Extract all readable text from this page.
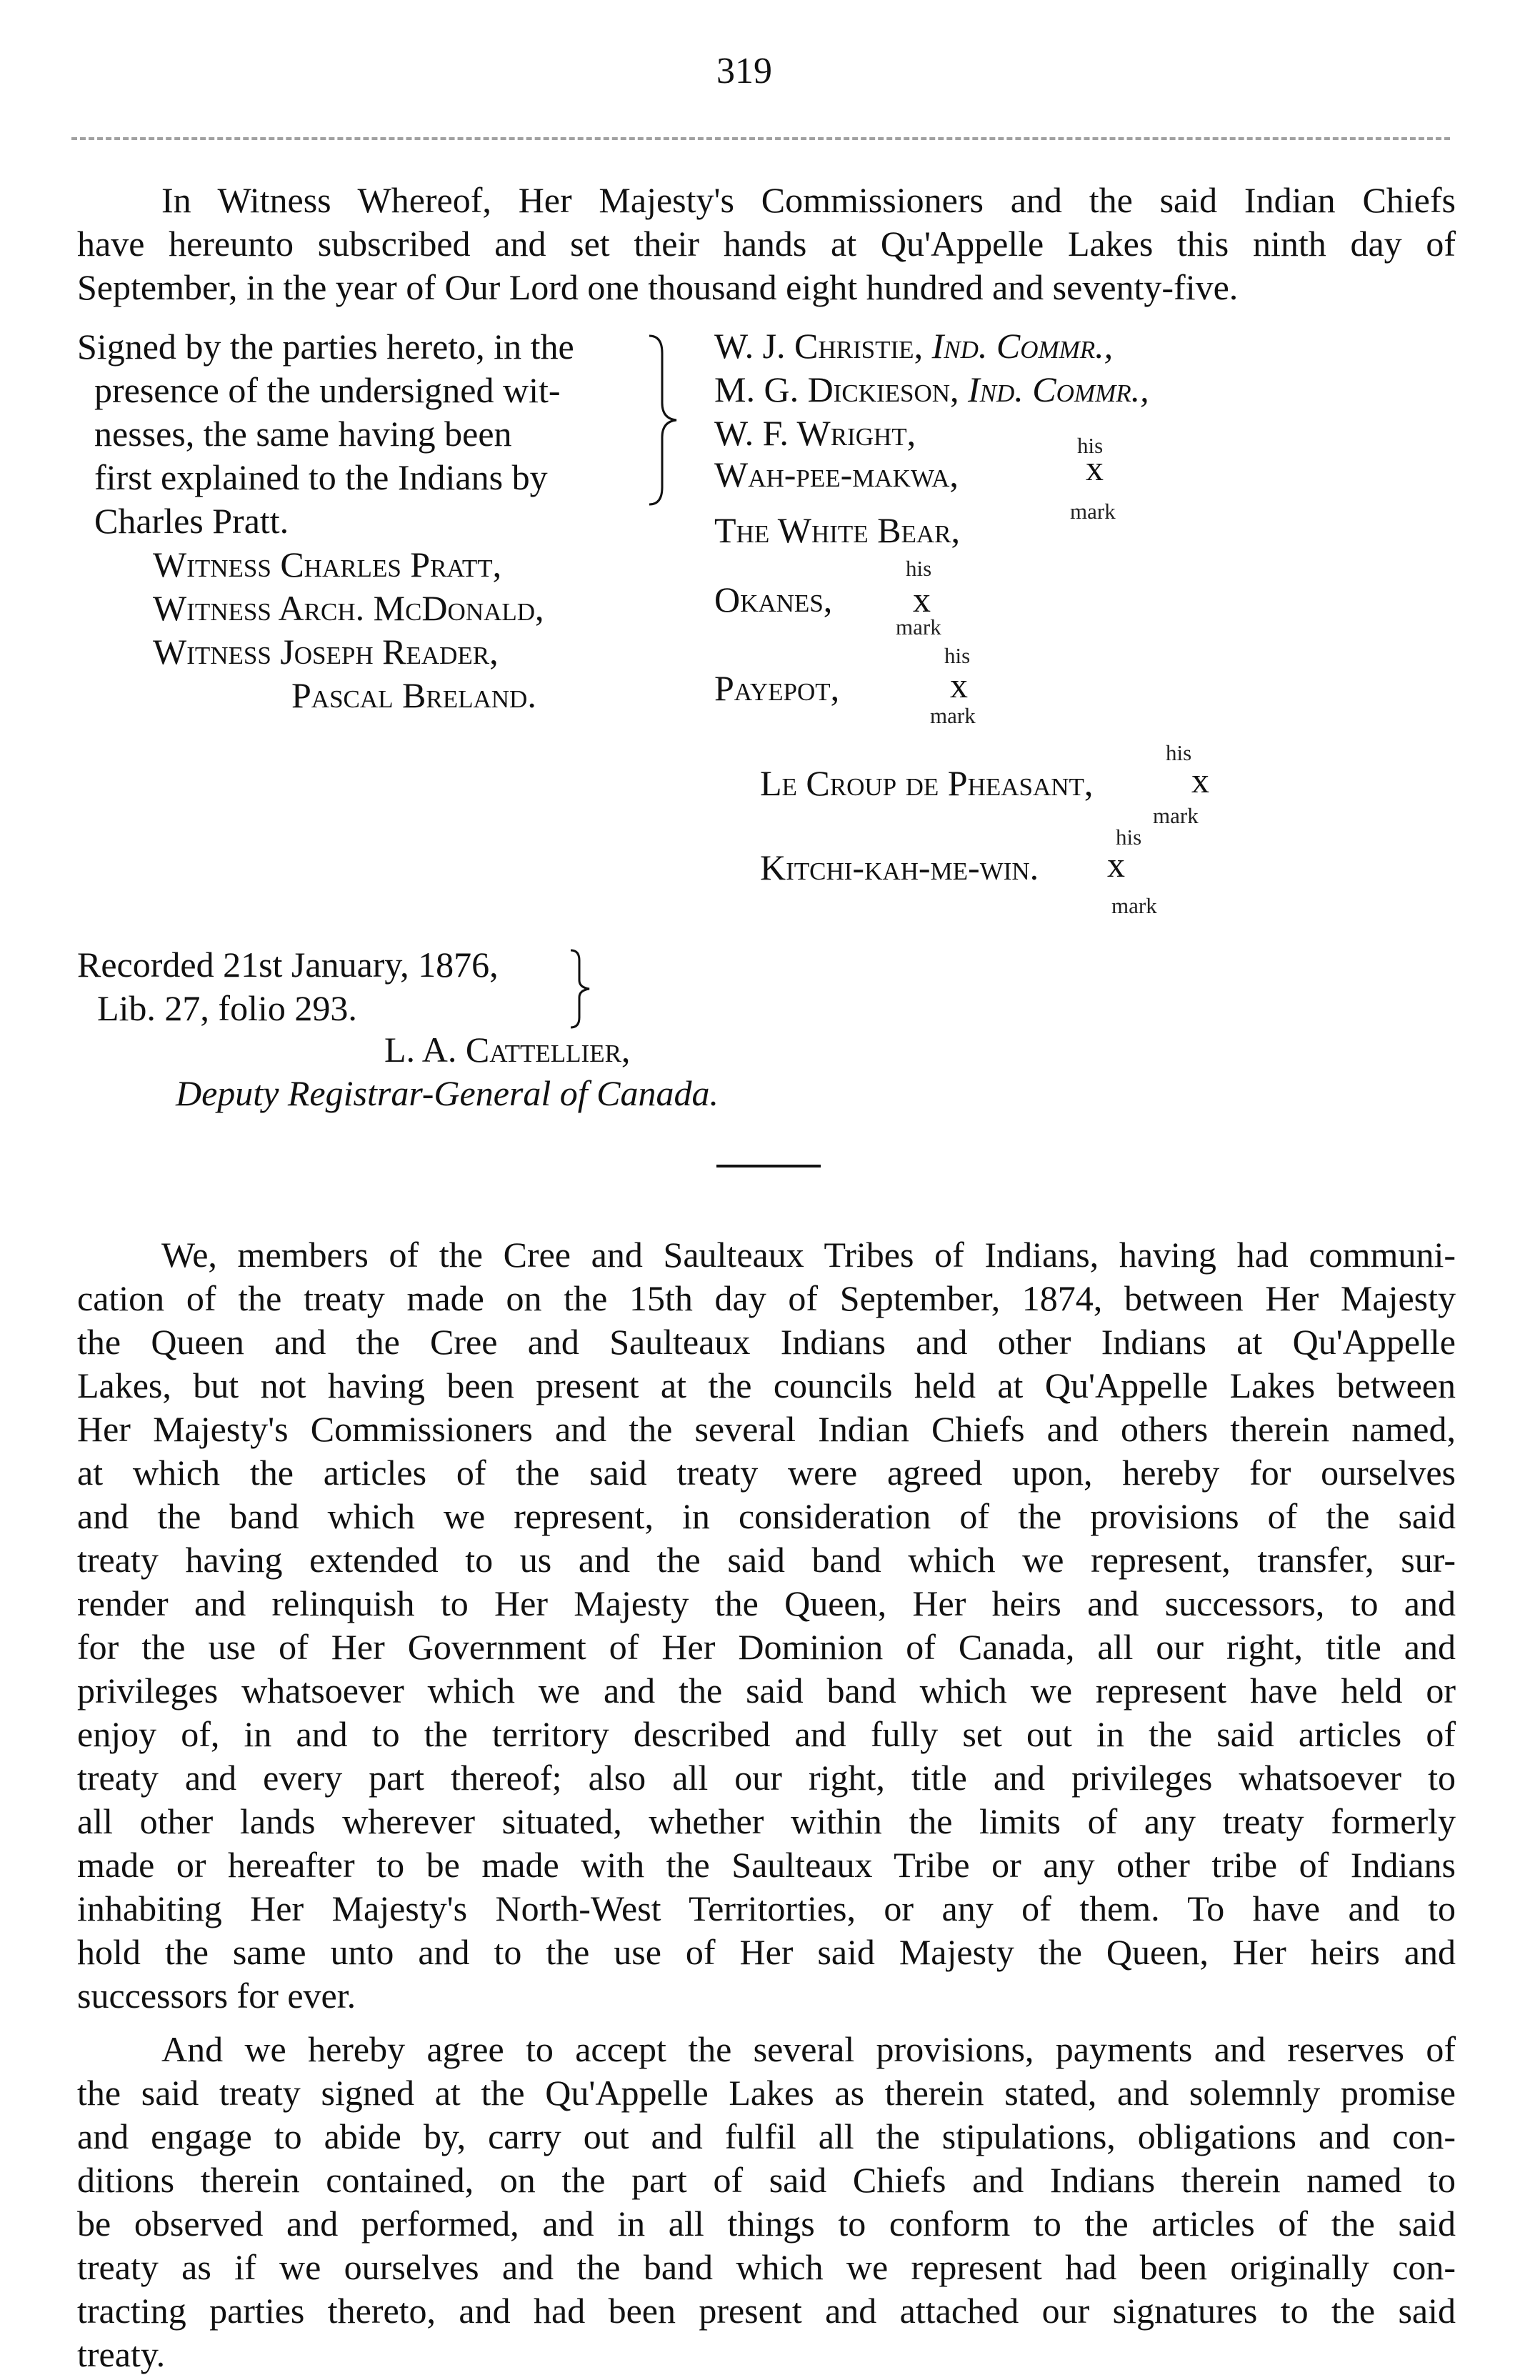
319
In Witness Whereof, Her Majesty's Commissioners and the said Indian Chiefs
have hereunto subscribed and set their hands at Qu'Appelle Lakes this ninth day of
September, in the year of Our Lord one thousand eight hundred and seventy-five.
Signed by the parties hereto, in the
presence of the undersigned wit-
nesses, the same having been
first explained to the Indians by
Charles Pratt.
Witness Charles Pratt,
Witness Arch. McDonald,
Witness Joseph Reader,
Pascal Breland.
W. J. Christie, Ind. Commr.,
M. G. Dickieson, Ind. Commr.,
W. F. Wright,	his
Wah-pee-makwa,	x
mark
The White Bear,
his
Okanes, x
mark
his
Payepot,	x
mark
his
Le Croup de Pheasant,	x
mark
his
Kitchi-kah-me-win. x
mark
Recorded 21st January, 1876,
Lib. 27, folio 293.
L. A. Cattellier,
Deputy Registrar-General of Canada.
We, members of the Cree and Saulteaux Tribes of Indians, having had communi-
cation of the treaty made on the 15th day of September, 1874, between Her Majesty
the Queen and the Cree and Saulteaux Indians and other Indians at Qu'Appelle
Lakes, but not having been present at the councils held at Qu'Appelle Lakes between
Her Majesty's Commissioners and the several Indian Chiefs and others therein named,
at which the articles of the said treaty were agreed upon, hereby for ourselves
and the band which we represent, in consideration of the provisions of the said
treaty having extended to us and the said band which we represent, transfer, sur-
render and relinquish to Her Majesty the Queen, Her heirs and successors, to and
for the use of Her Government of Her Dominion of Canada, all our right, title and
privileges whatsoever which we and the said band which we represent have held or
enjoy of, in and to the territory described and fully set out in the said articles of
treaty and every part thereof; also all our right, title and privileges whatsoever to
all other lands wherever situated, whether within the limits of any treaty formerly
made or hereafter to be made with the Saulteaux Tribe or any other tribe of Indians
inhabiting Her Majesty's North-West Territorties, or any of them. To have and to
hold the same unto and to the use of Her said Majesty the Queen, Her heirs and
successors for ever.
And we hereby agree to accept the several provisions, payments and reserves of
the said treaty signed at the Qu'Appelle Lakes as therein stated, and solemnly promise
and engage to abide by, carry out and fulfil all the stipulations, obligations and con-
ditions therein contained, on the part of said Chiefs and Indians therein named to
be observed and performed, and in all things to conform to the articles of the said
treaty as if we ourselves and the band which we represent had been originally con-
tracting parties thereto, and had been present and attached our signatures to the said
treaty.
